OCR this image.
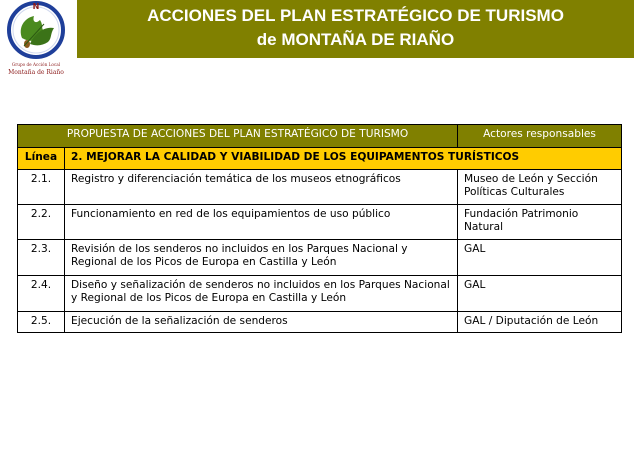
N
Grupo de Acción Local
Montaña de Riaño
ACCIONES DEL PLAN ESTRATÉGICO DE TURISMO
de MONTAÑA DE RIAÑO
PROPUESTA DE ACCIONES DEL PLAN ESTRATÉGICO DE TURISMO		Actores responsables
Línea	2. MEJORAR LA CALIDAD Y VIABILIDAD DE LOS EQUIPAMENTOS TURÍSTICOS	
2.1.	Registro y diferenciación temática de los museos etnográficos	Museo de León y Sección Políticas Culturales
2.2.	Funcionamiento en red de los equipamientos de uso público	Fundación Patrimonio Natural
2.3.	Revisión de los senderos no incluidos en los Parques Nacional y Regional de los Picos de Europa en Castilla y León	GAL
2.4.	Diseño y señalización de senderos no incluidos en los Parques Nacional y Regional de los Picos de Europa en Castilla y León	GAL
2.5.	Ejecución de la señalización de senderos	GAL / Diputación de León
